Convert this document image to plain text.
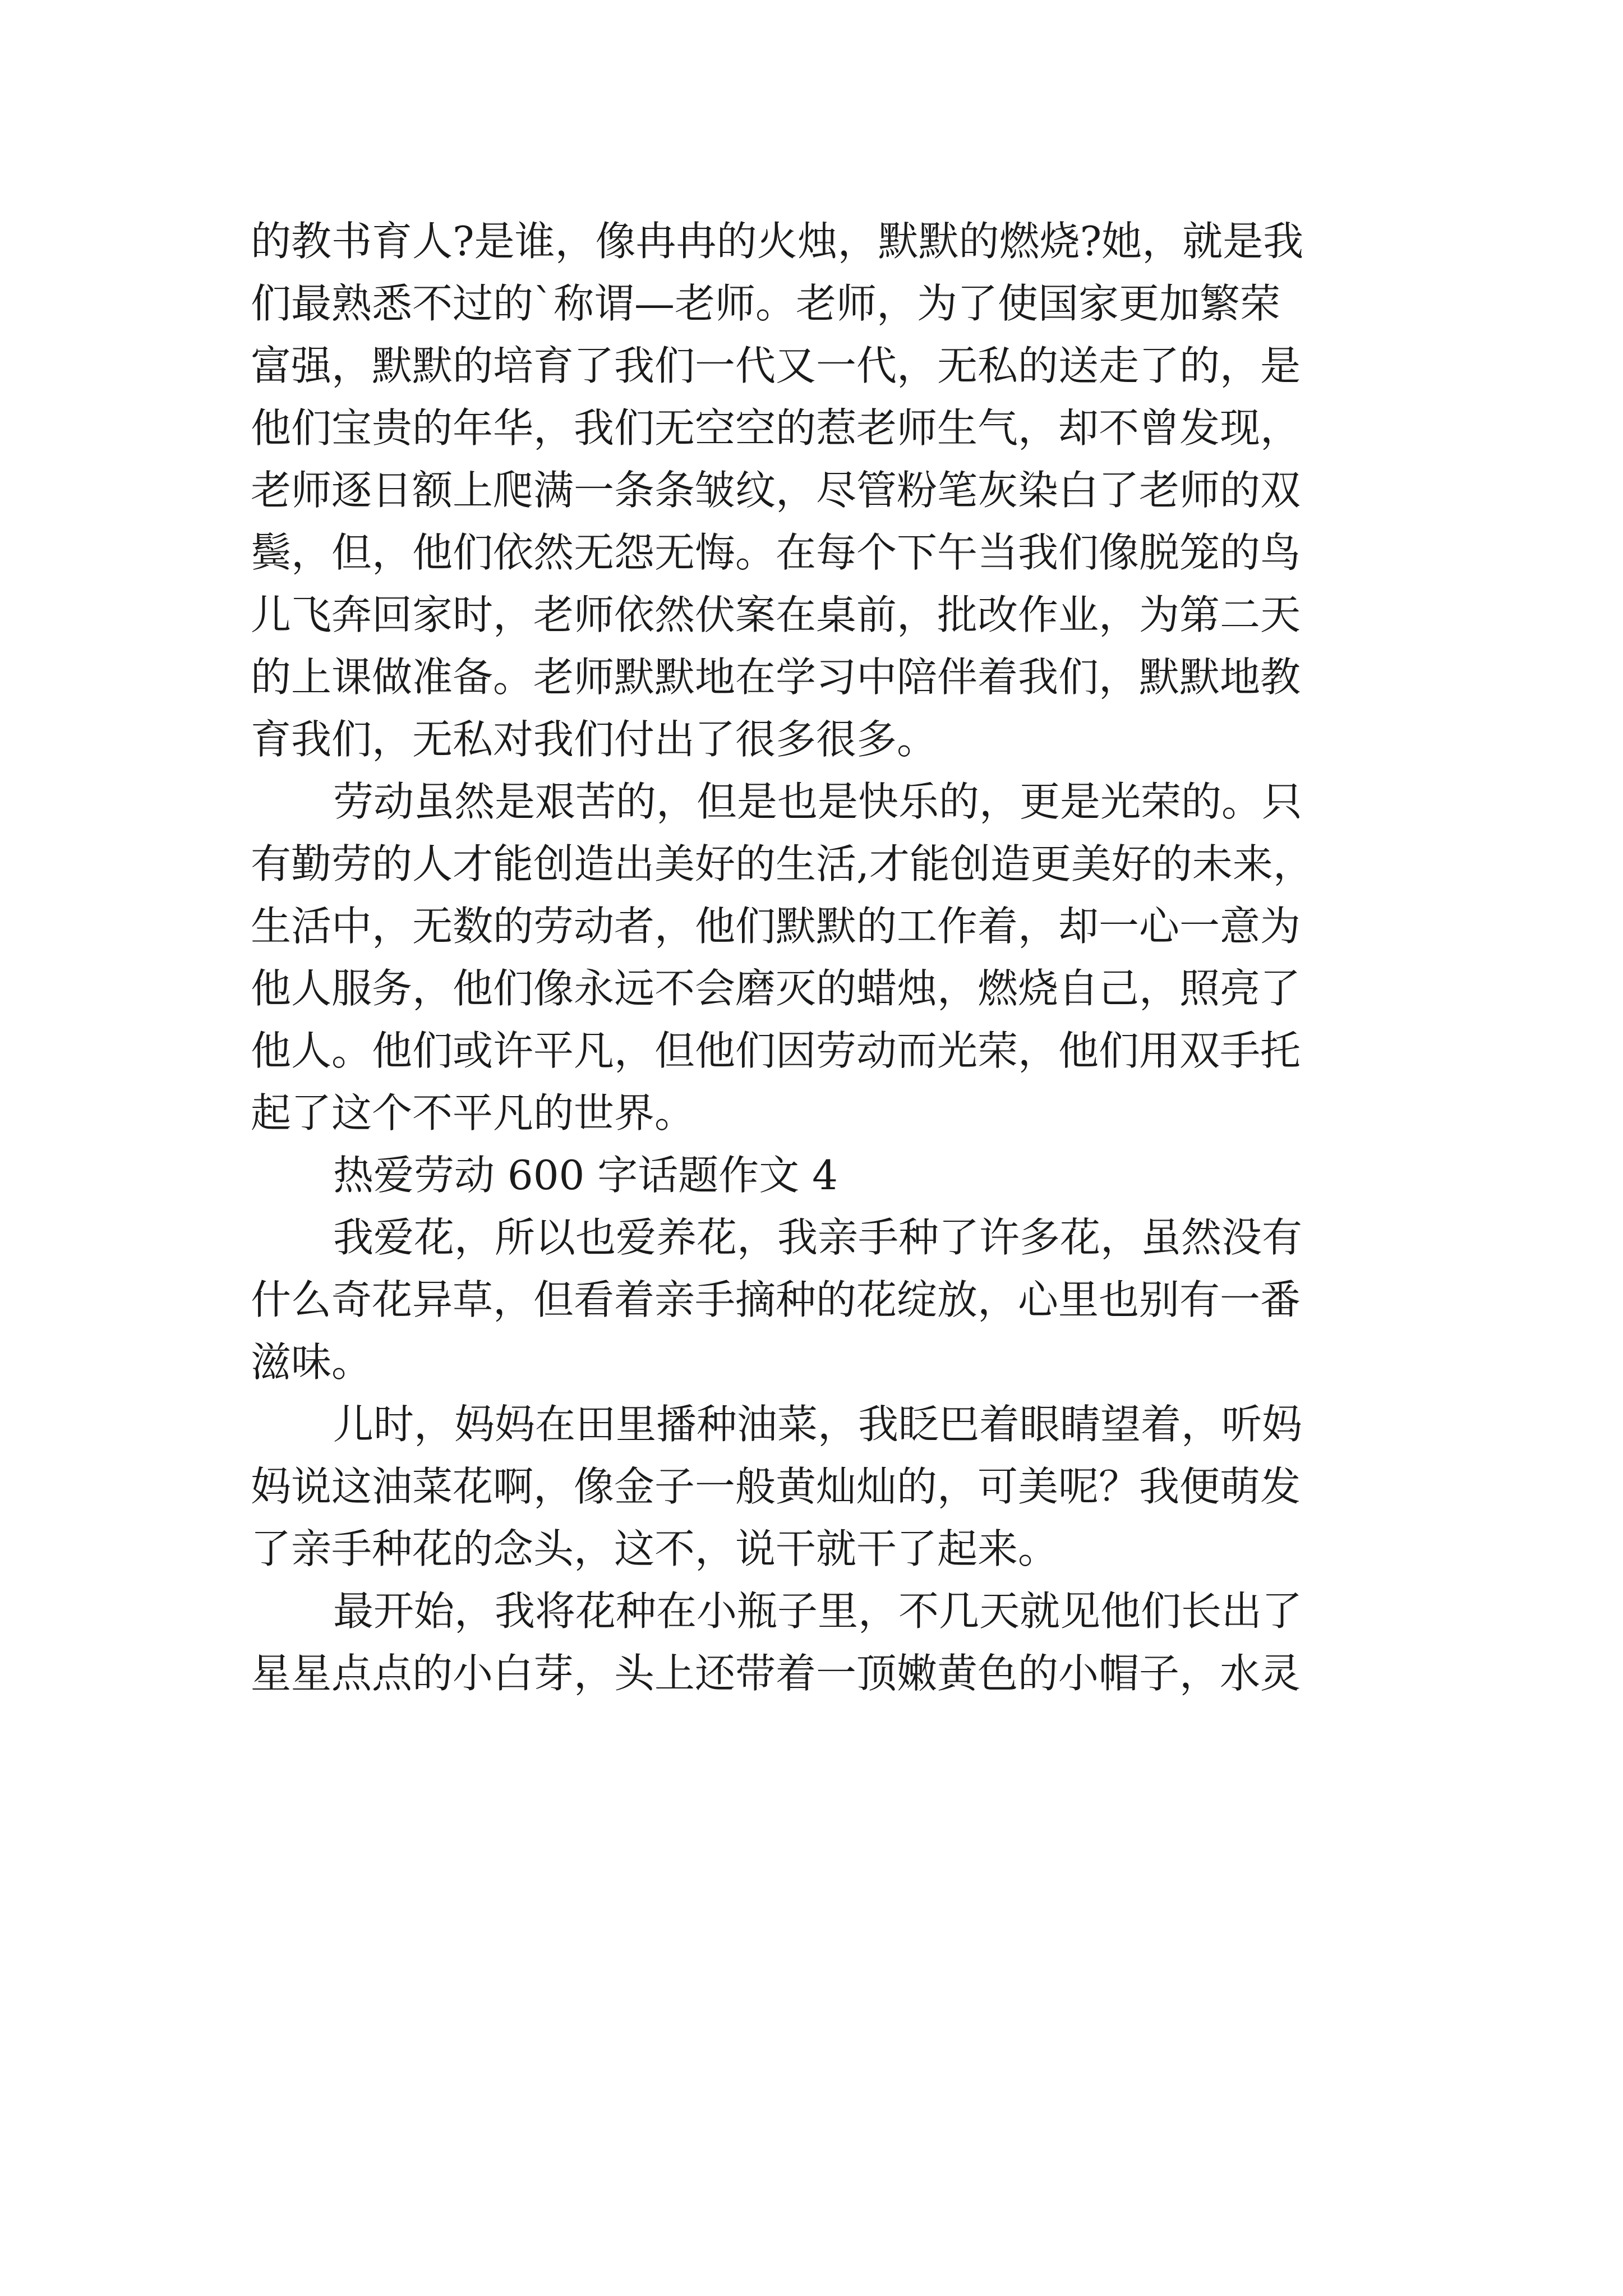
的教书育人?是谁，像冉冉的火烛，默默的燃烧?她，就是我
们最熟悉不过的`称谓—老师。老师，为了使国家更加繁荣
富强，默默的培育了我们一代又一代，无私的送走了的，是
他们宝贵的年华，我们无空空的惹老师生气，却不曾发现，
老师逐日额上爬满一条条皱纹，尽管粉笔灰染白了老师的双
鬓，但，他们依然无怨无悔。在每个下午当我们像脱笼的鸟
儿飞奔回家时，老师依然伏案在桌前，批改作业，为第二天
的上课做准备。老师默默地在学习中陪伴着我们，默默地教
育我们，无私对我们付出了很多很多。
劳动虽然是艰苦的，但是也是快乐的，更是光荣的。只
有勤劳的人才能创造出美好的生活,才能创造更美好的未来，
生活中，无数的劳动者，他们默默的工作着，却一心一意为
他人服务，他们像永远不会磨灭的蜡烛，燃烧自己，照亮了
他人。他们或许平凡，但他们因劳动而光荣，他们用双手托
起了这个不平凡的世界。
热爱劳动 600 字话题作文 4
我爱花，所以也爱养花，我亲手种了许多花，虽然没有
什么奇花异草，但看着亲手摘种的花绽放，心里也别有一番
滋味。
儿时，妈妈在田里播种油菜，我眨巴着眼睛望着，听妈
妈说这油菜花啊，像金子一般黄灿灿的，可美呢？我便萌发
了亲手种花的念头，这不，说干就干了起来。
最开始，我将花种在小瓶子里，不几天就见他们长出了
星星点点的小白芽，头上还带着一顶嫩黄色的小帽子，水灵
